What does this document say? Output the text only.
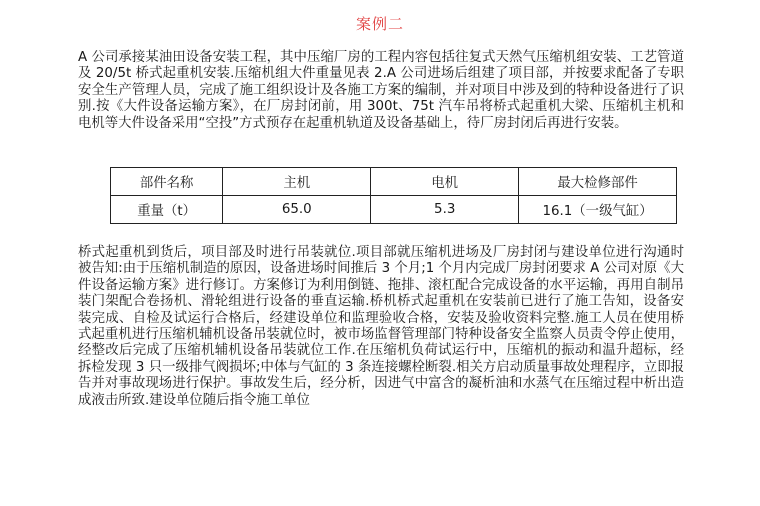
案例二
A 公司承接某油田设备安装工程，其中压缩厂房的工程内容包括往复式天然气压缩机组安装、工艺管道及 20/5t 桥式起重机安装.压缩机组大件重量见表 2.A 公司进场后组建了项目部，并按要求配备了专职安全生产管理人员，完成了施工组织设计及各施工方案的编制，并对项目中涉及到的特种设备进行了识别.按《大件设备运输方案》，在厂房封闭前，用 300t、75t 汽车吊将桥式起重机大梁、压缩机主机和电机等大件设备采用“空投”方式预存在起重机轨道及设备基础上，待厂房封闭后再进行安装。
部件名称	主机	电机	最大检修部件
重量（t）	65.0	5.3	16.1（一级气缸）
桥式起重机到货后，项目部及时进行吊装就位.项目部就压缩机进场及厂房封闭与建设单位进行沟通时被告知:由于压缩机制造的原因，设备进场时间推后 3 个月;1 个月内完成厂房封闭要求 A 公司对原《大件设备运输方案》进行修订。方案修订为利用倒链、拖排、滚杠配合完成设备的水平运输，再用自制吊装门架配合卷扬机、滑轮组进行设备的垂直运输.桥机桥式起重机在安装前已进行了施工告知，设备安装完成、自检及试运行合格后，经建设单位和监理验收合格，安装及验收资料完整.施工人员在使用桥式起重机进行压缩机辅机设备吊装就位时，被市场监督管理部门特种设备安全监察人员责令停止使用，经整改后完成了压缩机辅机设备吊装就位工作.在压缩机负荷试运行中，压缩机的振动和温升超标，经拆检发现 3 只一级排气阀损坏;中体与气缸的 3 条连接螺栓断裂.相关方启动质量事故处理程序，立即报告并对事故现场进行保护。事故发生后，经分析，因进气中富含的凝析油和水蒸气在压缩过程中析出造成液击所致.建设单位随后指令施工单位
